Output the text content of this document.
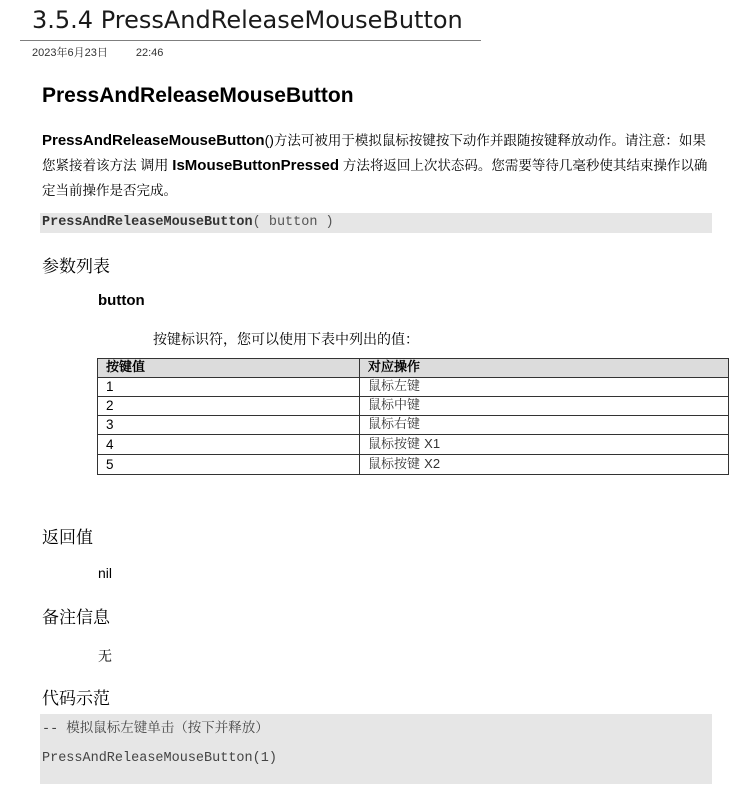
3.5.4 PressAndReleaseMouseButton
2023年6月23日	22:46
PressAndReleaseMouseButton
PressAndReleaseMouseButton()方法可被用于模拟鼠标按键按下动作并跟随按键释放动作。请注意：如果您紧接着该方法 调用 IsMouseButtonPressed 方法将返回上次状态码。您需要等待几毫秒使其结束操作以确定当前操作是否完成。
PressAndReleaseMouseButton( button )
参数列表
button
按键标识符，您可以使用下表中列出的值：
按键值	对应操作
1	鼠标左键
2	鼠标中键
3	鼠标右键
4	鼠标按键 X1
5	鼠标按键 X2
返回值
nil
备注信息
无
代码示范
-- 模拟鼠标左键单击（按下并释放）
PressAndReleaseMouseButton(1)
